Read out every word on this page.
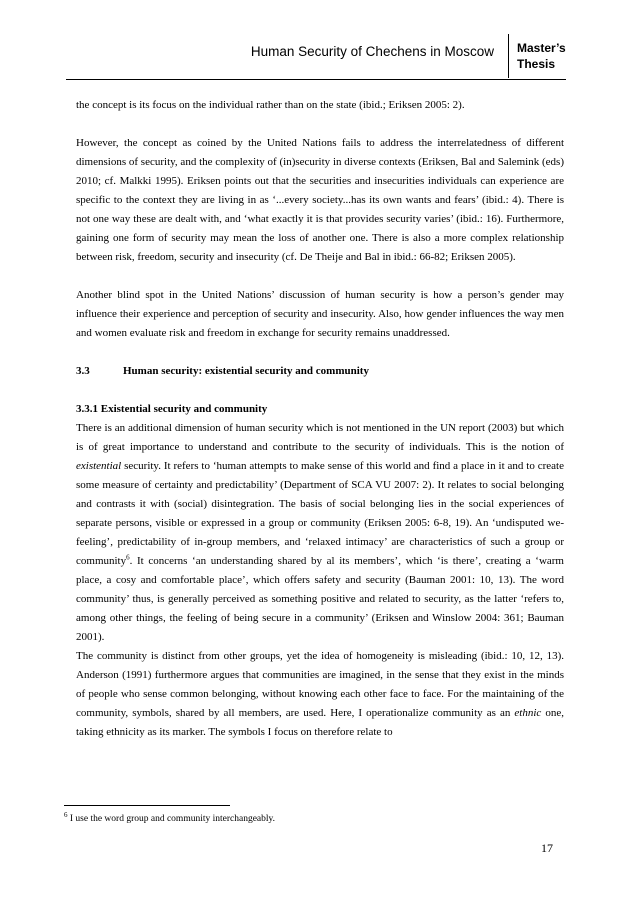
Human Security of Chechens in Moscow Master’s
Thesis

the concept is its focus on the individual rather than on the state (ibid.; Eriksen 2005: 2).

However, the concept as coined by the United Nations fails to address the interrelatedness of different dimensions of security, and the complexity of (in)security in diverse contexts (Eriksen, Bal and Salemink (eds) 2010; cf. Malkki 1995). Eriksen points out that the securities and insecurities individuals can experience are specific to the context they are living in as ‘...every society...has its own wants and fears’ (ibid.: 4). There is not one way these are dealt with, and ‘what exactly it is that provides security varies’ (ibid.: 16). Furthermore, gaining one form of security may mean the loss of another one. There is also a more complex relationship between risk, freedom, security and insecurity (cf. De Theije and Bal in ibid.: 66-82; Eriksen 2005).

Another blind spot in the United Nations’ discussion of human security is how a person’s gender may influence their experience and perception of security and insecurity. Also, how gender influences the way men and women evaluate risk and freedom in exchange for security remains unaddressed.

3.3	Human security: existential security and community

3.3.1 Existential security and community

There is an additional dimension of human security which is not mentioned in the UN report (2003) but which is of great importance to understand and contribute to the security of individuals. This is the notion of existential security. It refers to ‘human attempts to make sense of this world and find a place in it and to create some measure of certainty and predictability’ (Department of SCA VU 2007: 2). It relates to social belonging and contrasts it with (social) disintegration. The basis of social belonging lies in the social experiences of separate persons, visible or expressed in a group or community (Eriksen 2005: 6-8, 19). An ‘undisputed we-feeling’, predictability of in-group members, and ‘relaxed intimacy’ are characteristics of such a group or community$^6$. It concerns ‘an understanding shared by al its members’, which ‘is there’, creating a ‘warm place, a cosy and comfortable place’, which offers safety and security (Bauman 2001: 10, 13). The word community’ thus, is generally perceived as something positive and related to security, as the latter ‘refers to, among other things, the feeling of being secure in a community’ (Eriksen and Winslow 2004: 361; Bauman 2001).

The community is distinct from other groups, yet the idea of homogeneity is misleading (ibid.: 10, 12, 13). Anderson (1991) furthermore argues that communities are imagined, in the sense that they exist in the minds of people who sense common belonging, without knowing each other face to face. For the maintaining of the community, symbols, shared by all members, are used. Here, I operationalize community as an ethnic one, taking ethnicity as its marker. The symbols I focus on therefore relate to

$^6$ I use the word group and community interchangeably.
17
